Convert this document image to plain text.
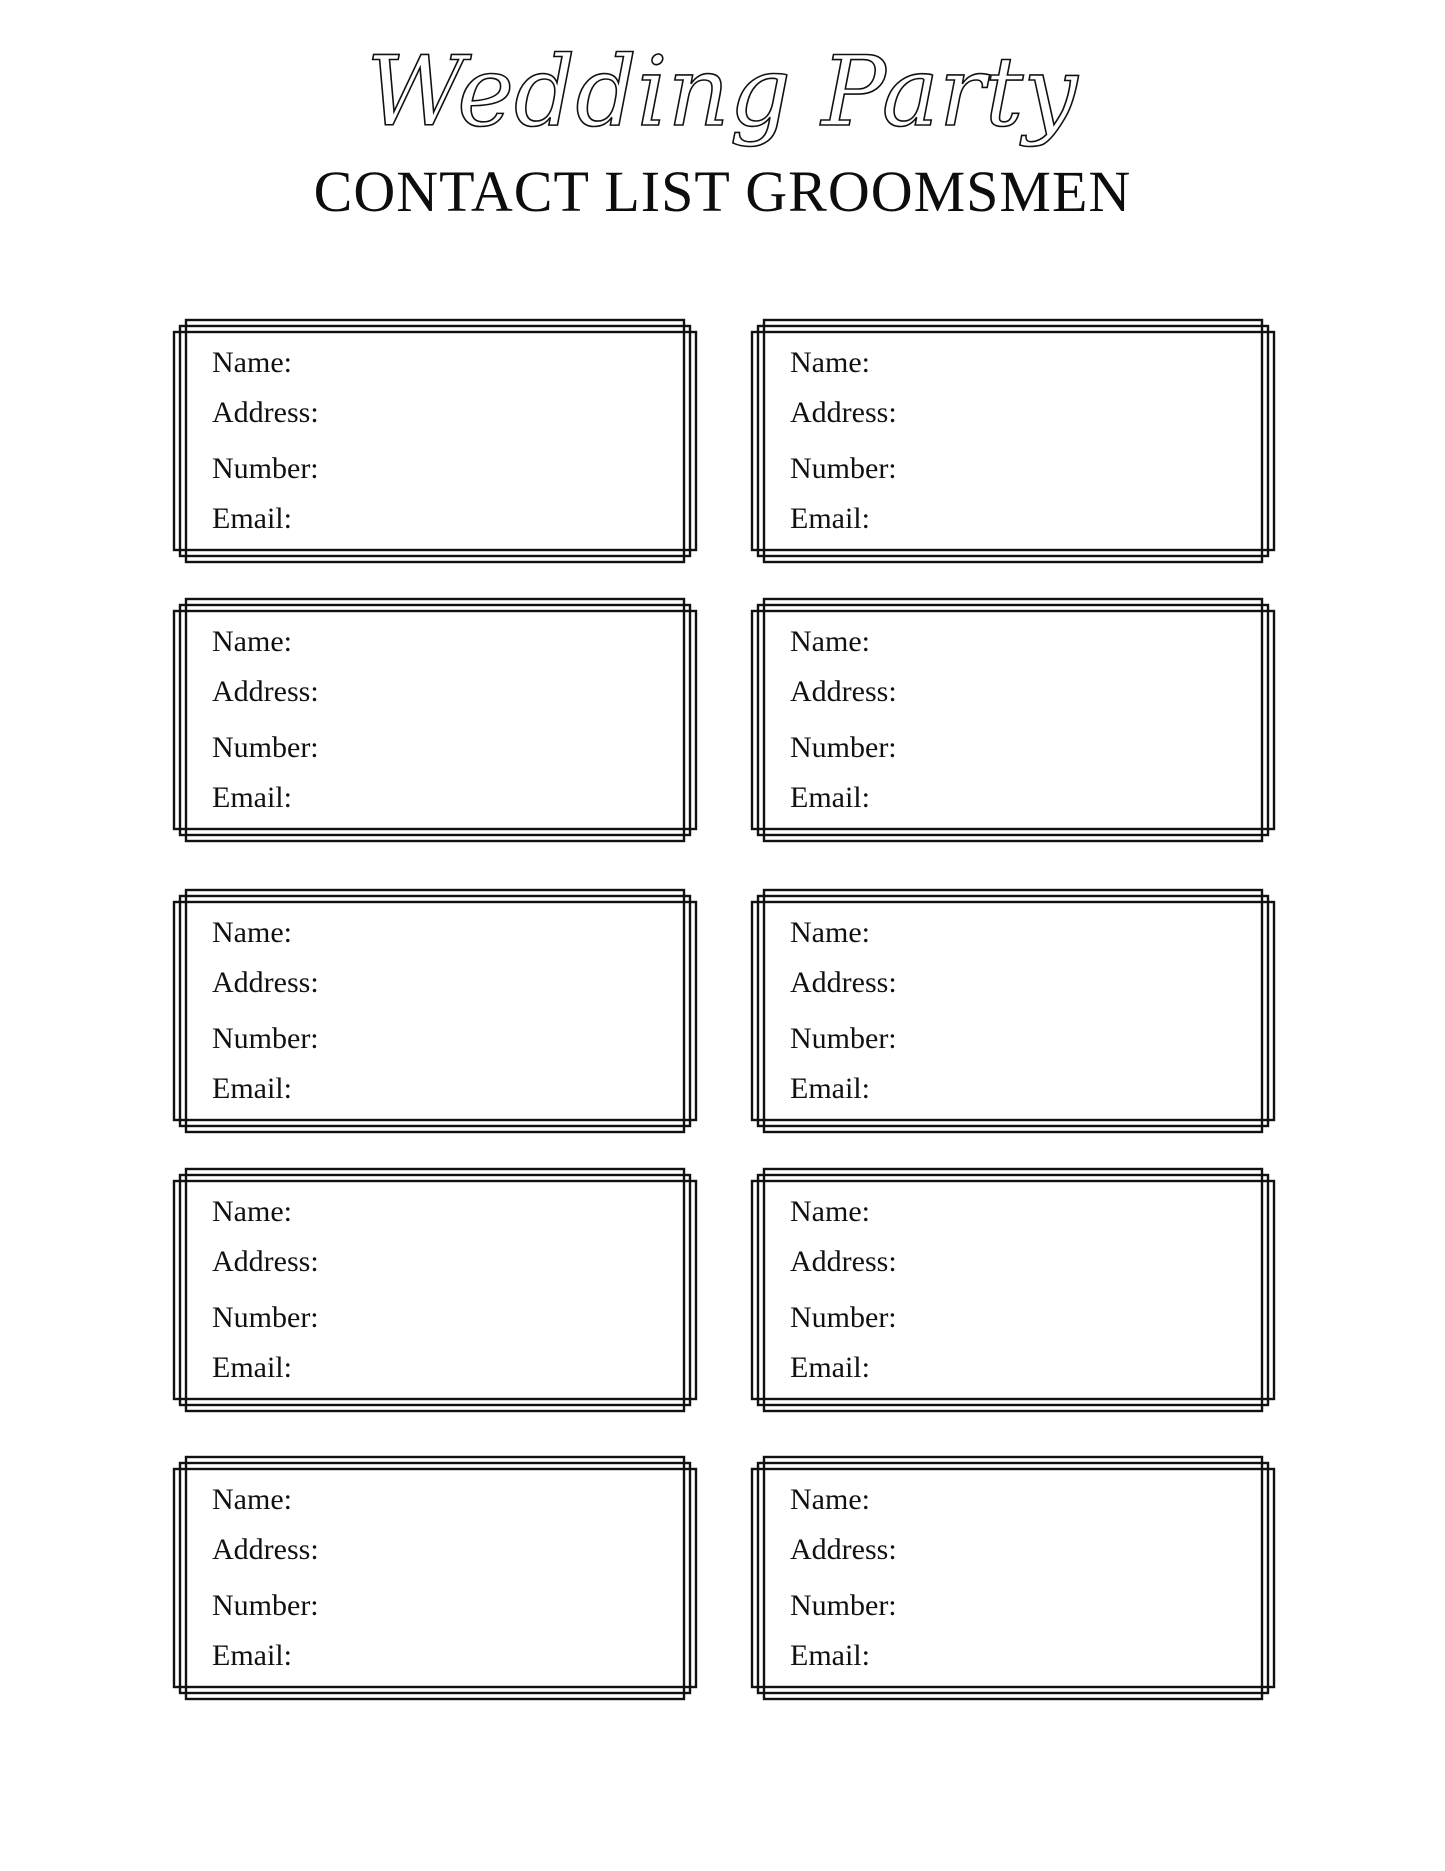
Wedding Party
CONTACT LIST GROOMSMEN
Name:
Address:
Number:
Email:
Name:
Address:
Number:
Email:
Name:
Address:
Number:
Email:
Name:
Address:
Number:
Email:
Name:
Address:
Number:
Email:
Name:
Address:
Number:
Email:
Name:
Address:
Number:
Email:
Name:
Address:
Number:
Email:
Name:
Address:
Number:
Email:
Name:
Address:
Number:
Email:
